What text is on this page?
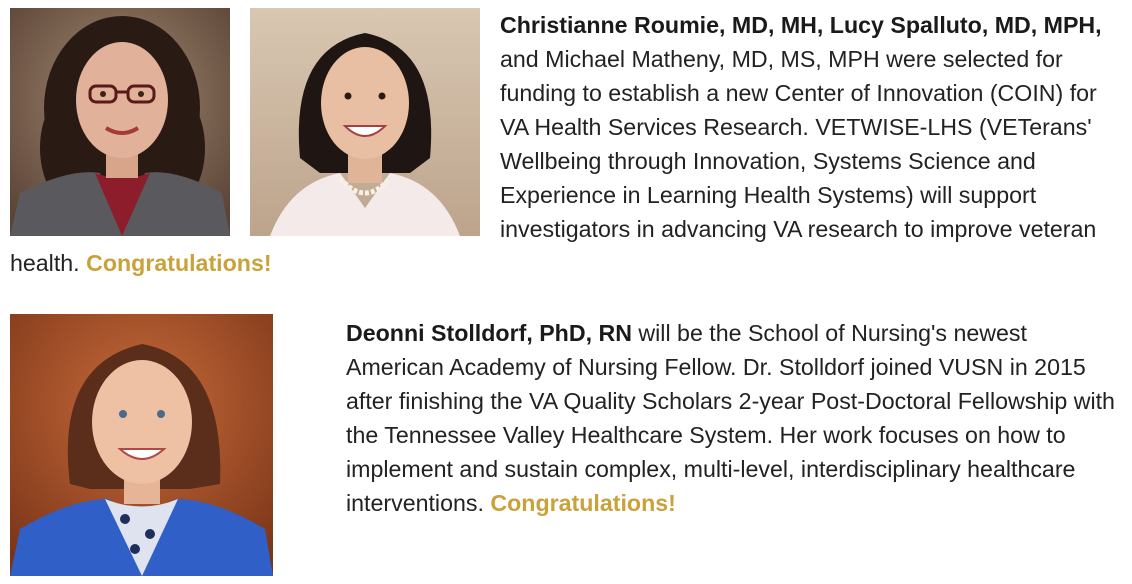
Christianne Roumie, MD, MH, Lucy Spalluto, MD, MPH, and Michael Matheny, MD, MS, MPH were selected for funding to establish a new Center of Innovation (COIN) for VA Health Services Research. VETWISE-LHS (VETerans' Wellbeing through Innovation, Systems Science and Experience in Learning Health Systems) will support investigators in advancing VA research to improve veteran health. Congratulations!

Deonni Stolldorf, PhD, RN will be the School of Nursing's newest American Academy of Nursing Fellow. Dr. Stolldorf joined VUSN in 2015 after finishing the VA Quality Scholars 2-year Post-Doctoral Fellowship with the Tennessee Valley Healthcare System. Her work focuses on how to implement and sustain complex, multi-level, interdisciplinary healthcare interventions. Congratulations!
